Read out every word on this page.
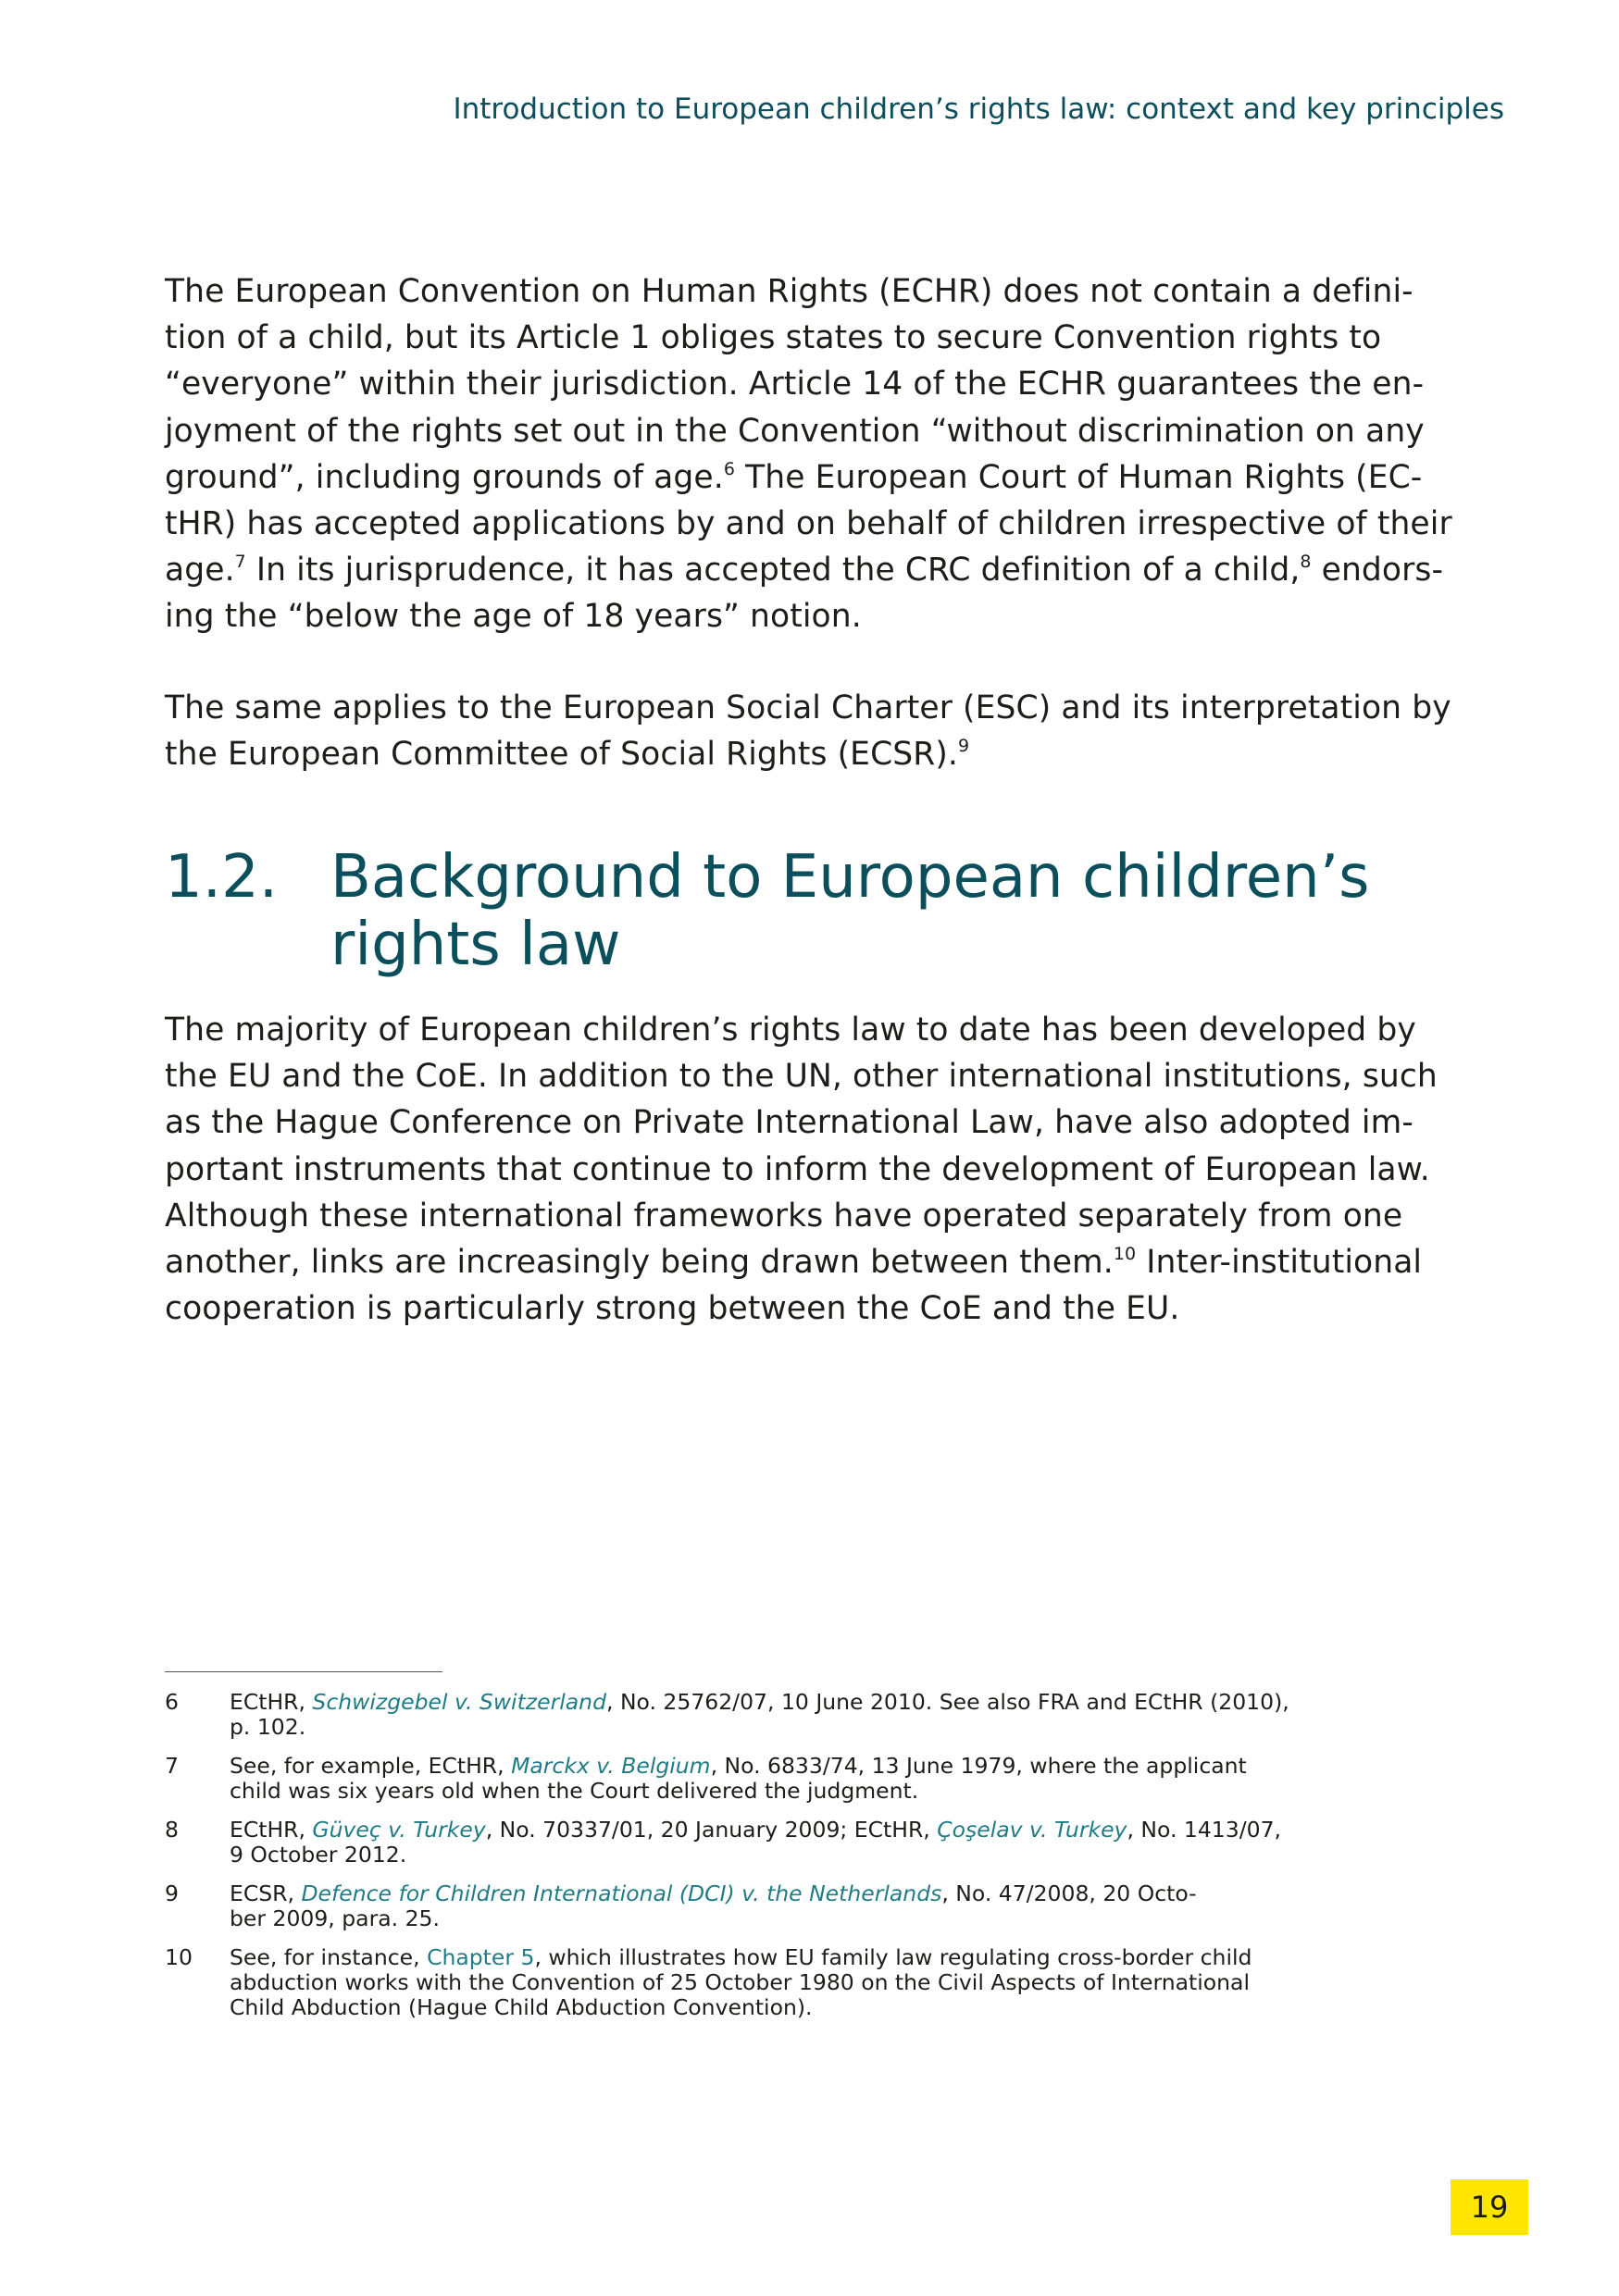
Introduction to European children’s rights law: context and key principles
The European Convention on Human Rights (ECHR) does not contain a defini-
tion of a child, but its Article 1 obliges states to secure Convention rights to
“everyone” within their jurisdiction. Article 14 of the ECHR guarantees the en-
joyment of the rights set out in the Convention “without discrimination on any
ground”, including grounds of age.$^6$ The European Court of Human Rights (EC-
tHR) has accepted applications by and on behalf of children irrespective of their
age.$^7$ In its jurisprudence, it has accepted the CRC definition of a child,$^8$ endors-
ing the “below the age of 18 years” notion.
The same applies to the European Social Charter (ESC) and its interpretation by
the European Committee of Social Rights (ECSR).$^9$
1.2. Background to European children’s
rights law
The majority of European children’s rights law to date has been developed by
the EU and the CoE. In addition to the UN, other international institutions, such
as the Hague Conference on Private International Law, have also adopted im-
portant instruments that continue to inform the development of European law.
Although these international frameworks have operated separately from one
another, links are increasingly being drawn between them.$^{10}$ Inter-institutional
cooperation is particularly strong between the CoE and the EU.
6 ECtHR, Schwizgebel v. Switzerland, No. 25762/07, 10 June 2010. See also FRA and ECtHR (2010),
p. 102.
7 See, for example, ECtHR, Marckx v. Belgium, No. 6833/74, 13 June 1979, where the applicant
child was six years old when the Court delivered the judgment.
8 ECtHR, Güveç v. Turkey, No. 70337/01, 20 January 2009; ECtHR, Çoşelav v. Turkey, No. 1413/07,
9 October 2012.
9 ECSR, Defence for Children International (DCI) v. the Netherlands, No. 47/2008, 20 Octo-
ber 2009, para. 25.
10 See, for instance, Chapter 5, which illustrates how EU family law regulating cross-border child
abduction works with the Convention of 25 October 1980 on the Civil Aspects of International
Child Abduction (Hague Child Abduction Convention).
19
